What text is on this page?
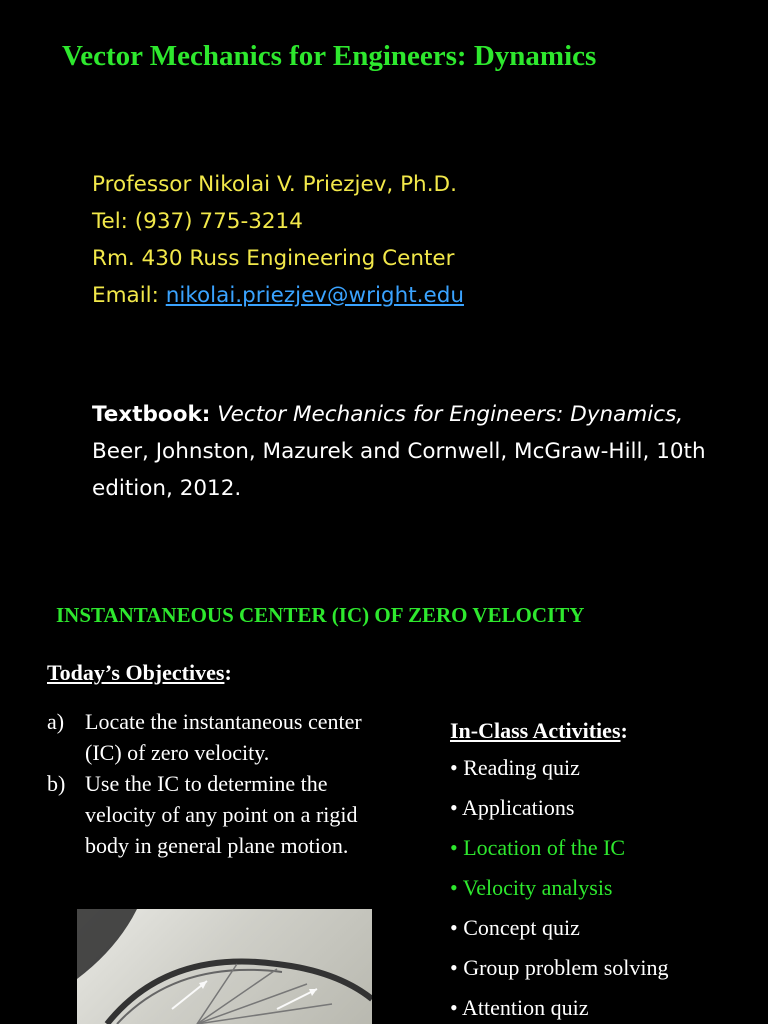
Vector Mechanics for Engineers: Dynamics
Professor Nikolai V. Priezjev, Ph.D.
Tel: (937) 775-3214
Rm. 430 Russ Engineering Center
Email: nikolai.priezjev@wright.edu
Textbook: Vector Mechanics for Engineers: Dynamics, Beer, Johnston, Mazurek and Cornwell, McGraw-Hill, 10th edition, 2012.
INSTANTANEOUS CENTER (IC) OF ZERO VELOCITY
Today’s Objectives:
a) Locate the instantaneous center (IC) of zero velocity.
b) Use the IC to determine the velocity of any point on a rigid body in general plane motion.
In-Class Activities:
• Reading quiz
• Applications
• Location of the IC
• Velocity analysis
• Concept quiz
• Group problem solving
• Attention quiz
